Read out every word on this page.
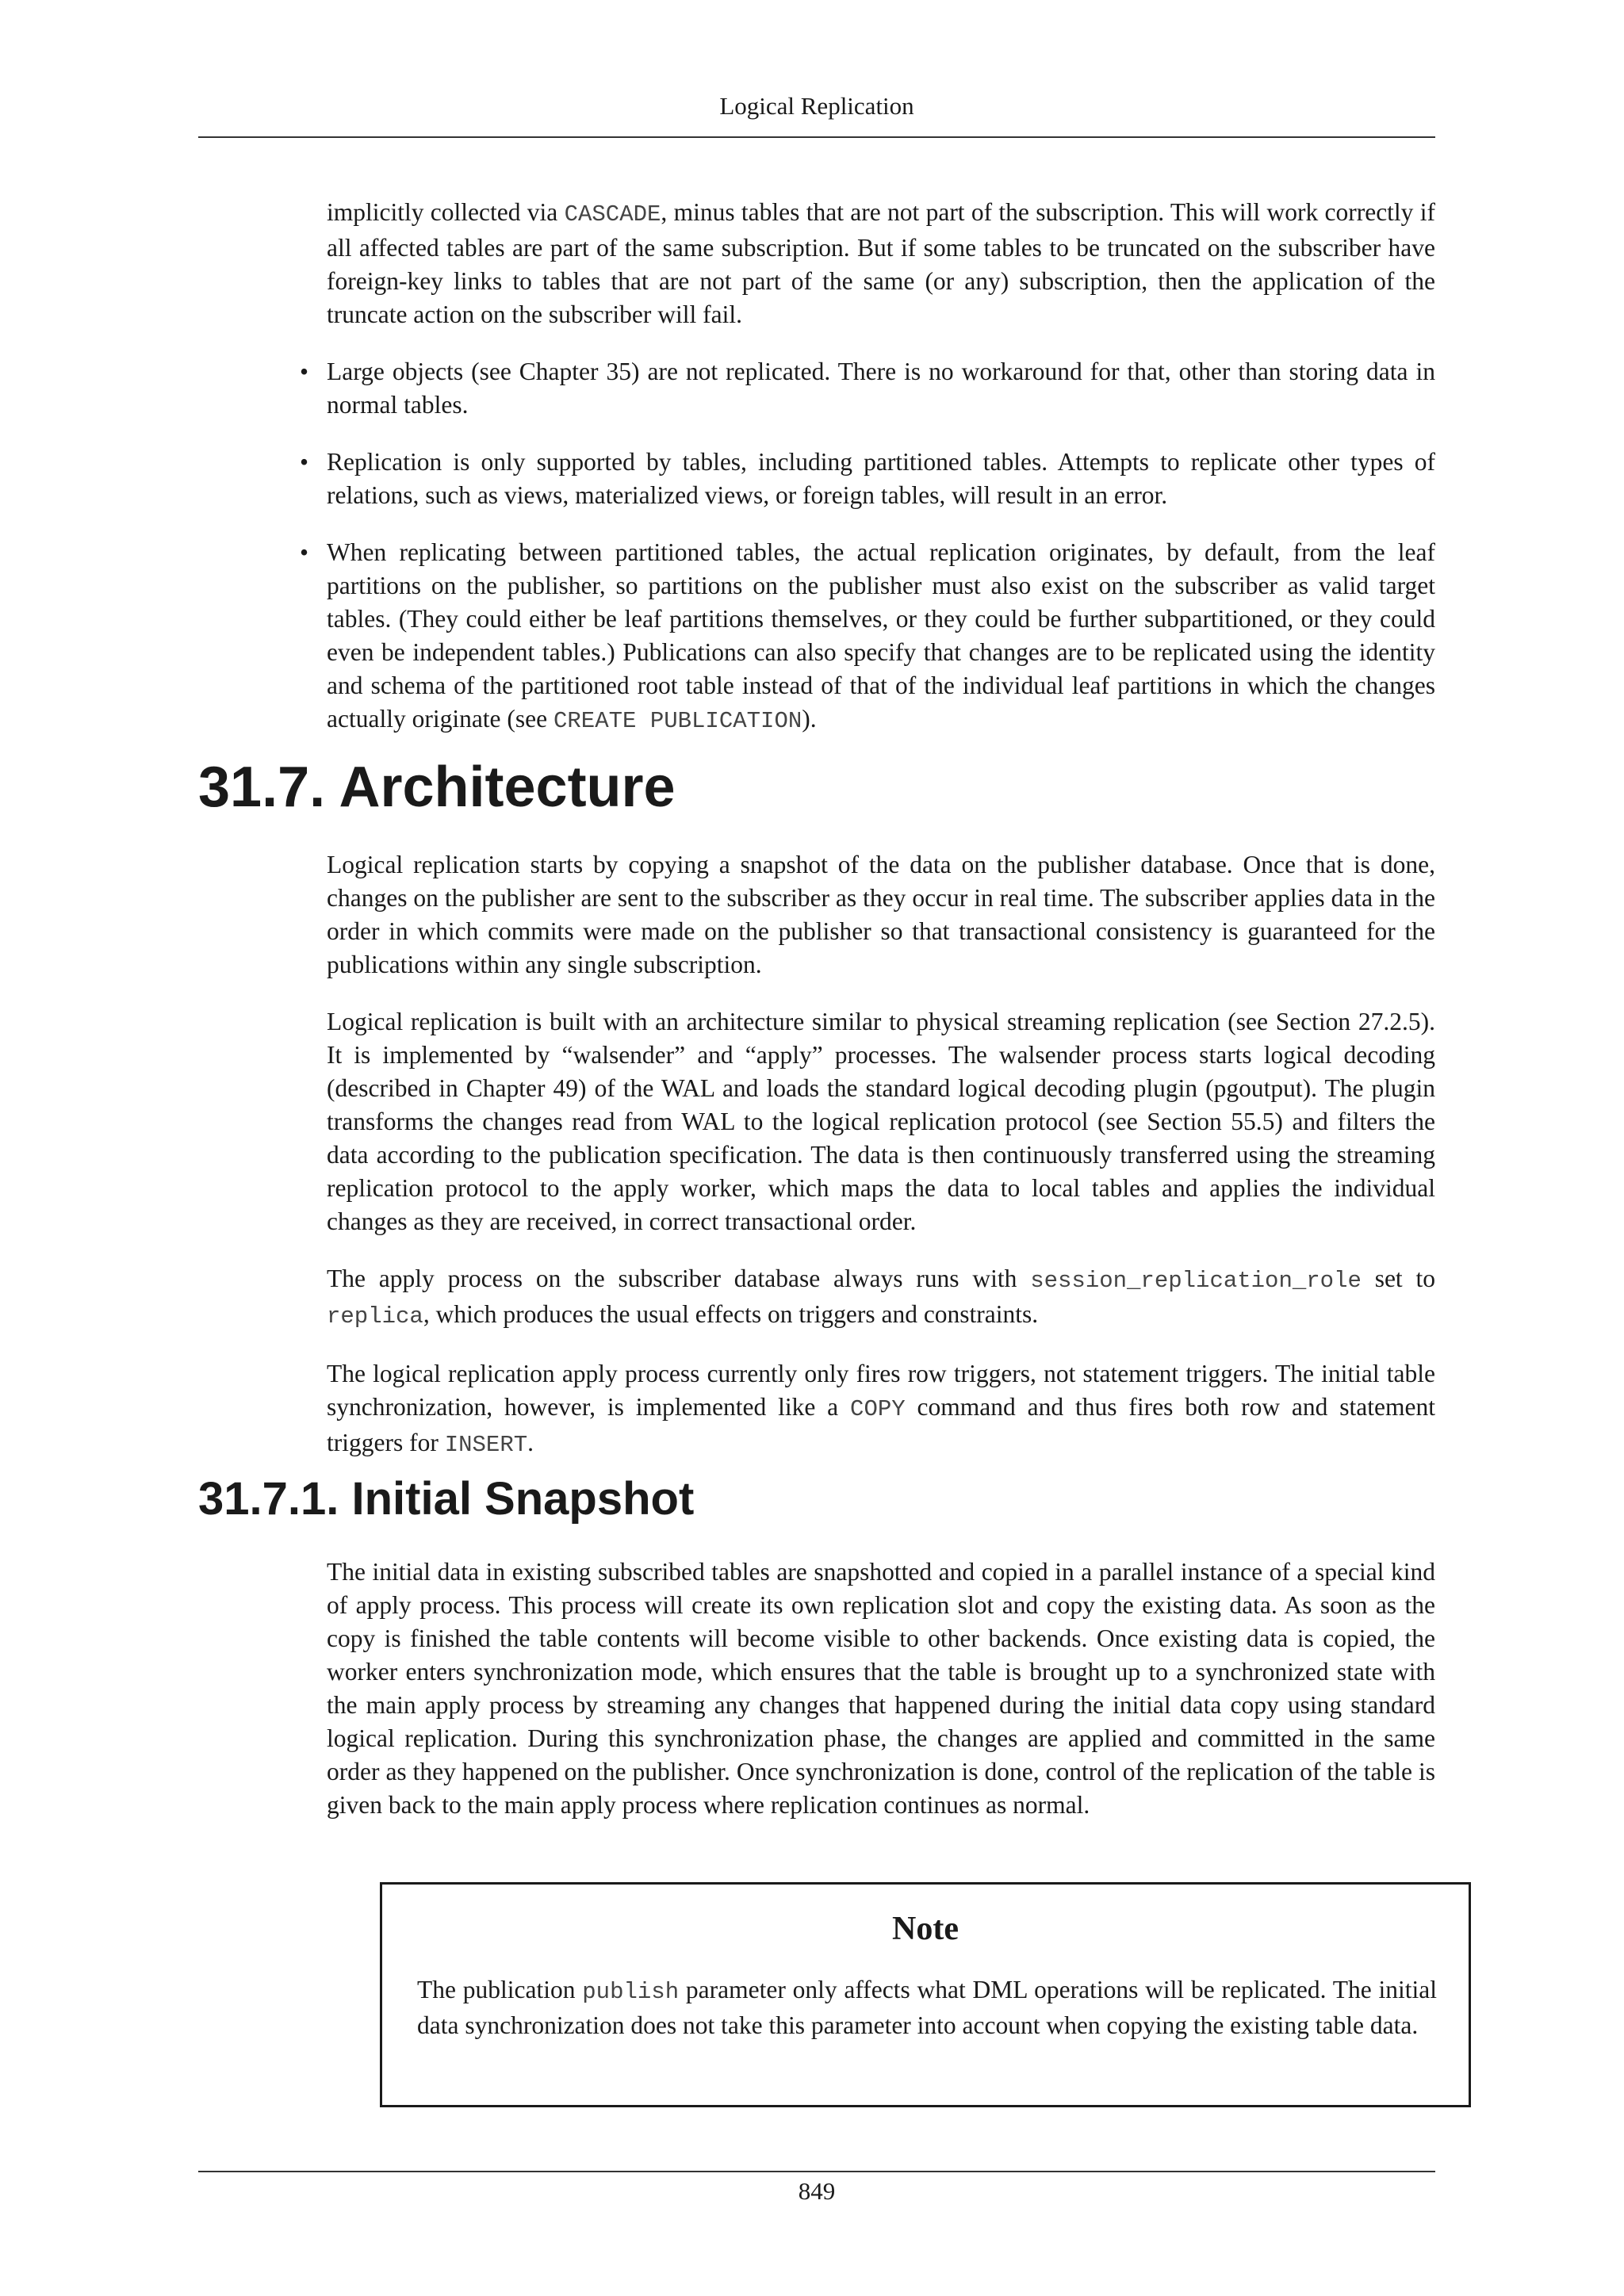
Logical Replication

implicitly collected via CASCADE, minus tables that are not part of the subscription. This will work correctly if all affected tables are part of the same subscription. But if some tables to be truncated on the subscriber have foreign-key links to tables that are not part of the same (or any) subscription, then the application of the truncate action on the subscriber will fail.

• Large objects (see Chapter 35) are not replicated. There is no workaround for that, other than storing data in normal tables.

• Replication is only supported by tables, including partitioned tables. Attempts to replicate other types of relations, such as views, materialized views, or foreign tables, will result in an error.

• When replicating between partitioned tables, the actual replication originates, by default, from the leaf partitions on the publisher, so partitions on the publisher must also exist on the subscriber as valid target tables. (They could either be leaf partitions themselves, or they could be further subpartitioned, or they could even be independent tables.) Publications can also specify that changes are to be replicated using the identity and schema of the partitioned root table instead of that of the individual leaf partitions in which the changes actually originate (see CREATE PUBLICATION).

31.7. Architecture

Logical replication starts by copying a snapshot of the data on the publisher database. Once that is done, changes on the publisher are sent to the subscriber as they occur in real time. The subscriber applies data in the order in which commits were made on the publisher so that transactional consistency is guaranteed for the publications within any single subscription.

Logical replication is built with an architecture similar to physical streaming replication (see Section 27.2.5). It is implemented by “walsender” and “apply” processes. The walsender process starts logical decoding (described in Chapter 49) of the WAL and loads the standard logical decoding plugin (pgoutput). The plugin transforms the changes read from WAL to the logical replication protocol (see Section 55.5) and filters the data according to the publication specification. The data is then continuously transferred using the streaming replication protocol to the apply worker, which maps the data to local tables and applies the individual changes as they are received, in correct transactional order.

The apply process on the subscriber database always runs with session_replication_role set to replica, which produces the usual effects on triggers and constraints.

The logical replication apply process currently only fires row triggers, not statement triggers. The initial table synchronization, however, is implemented like a COPY command and thus fires both row and statement triggers for INSERT.

31.7.1. Initial Snapshot

The initial data in existing subscribed tables are snapshotted and copied in a parallel instance of a special kind of apply process. This process will create its own replication slot and copy the existing data. As soon as the copy is finished the table contents will become visible to other backends. Once existing data is copied, the worker enters synchronization mode, which ensures that the table is brought up to a synchronized state with the main apply process by streaming any changes that happened during the initial data copy using standard logical replication. During this synchronization phase, the changes are applied and committed in the same order as they happened on the publisher. Once synchronization is done, control of the replication of the table is given back to the main apply process where replication continues as normal.

Note

The publication publish parameter only affects what DML operations will be replicated. The initial data synchronization does not take this parameter into account when copying the existing table data.

849
